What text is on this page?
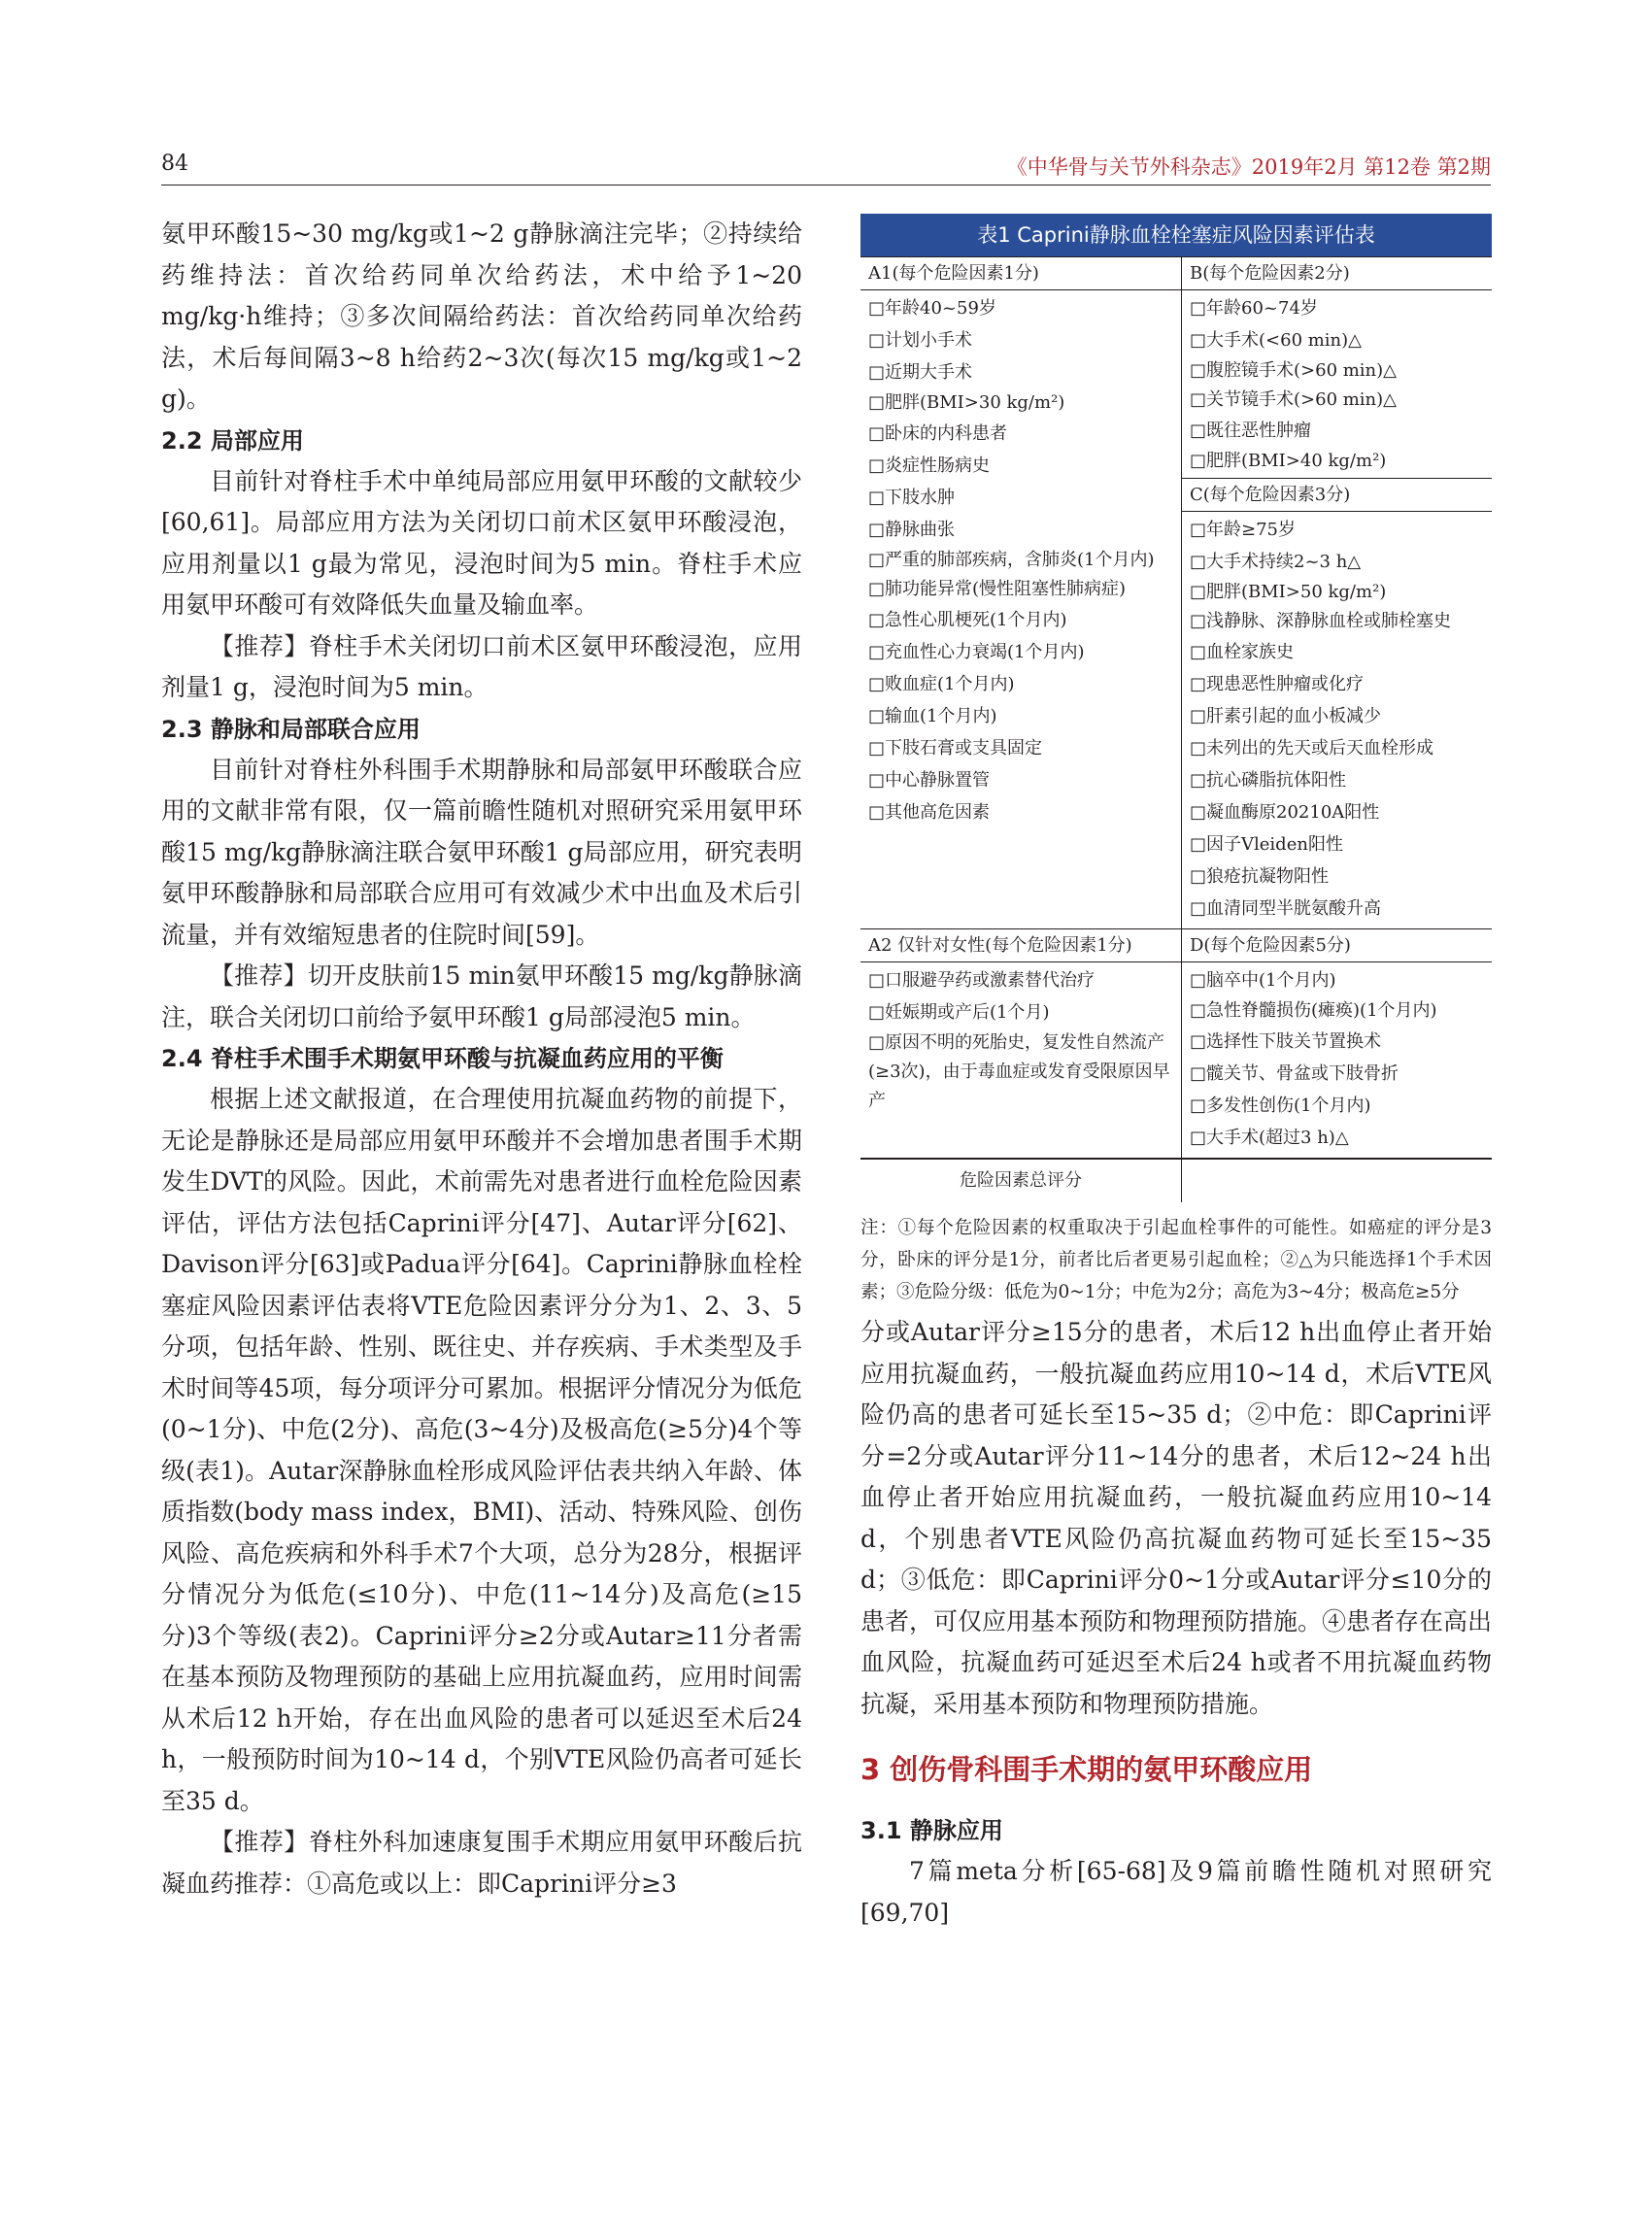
84	《中华骨与关节外科杂志》2019年2月 第12卷 第2期

氨甲环酸15~30 mg/kg或1~2 g静脉滴注完毕；②持续给药维持法：首次给药同单次给药法，术中给予1~20 mg/kg·h维持；③多次间隔给药法：首次给药同单次给药法，术后每间隔3~8 h给药2~3次(每次15 mg/kg或1~2 g)。

2.2 局部应用

目前针对脊柱手术中单纯局部应用氨甲环酸的文献较少[60,61]。局部应用方法为关闭切口前术区氨甲环酸浸泡，应用剂量以1 g最为常见，浸泡时间为5 min。脊柱手术应用氨甲环酸可有效降低失血量及输血率。

【推荐】脊柱手术关闭切口前术区氨甲环酸浸泡，应用剂量1 g，浸泡时间为5 min。

2.3 静脉和局部联合应用

目前针对脊柱外科围手术期静脉和局部氨甲环酸联合应用的文献非常有限，仅一篇前瞻性随机对照研究采用氨甲环酸15 mg/kg静脉滴注联合氨甲环酸1 g局部应用，研究表明氨甲环酸静脉和局部联合应用可有效减少术中出血及术后引流量，并有效缩短患者的住院时间[59]。

【推荐】切开皮肤前15 min氨甲环酸15 mg/kg静脉滴注，联合关闭切口前给予氨甲环酸1 g局部浸泡5 min。

2.4 脊柱手术围手术期氨甲环酸与抗凝血药应用的平衡

根据上述文献报道，在合理使用抗凝血药物的前提下，无论是静脉还是局部应用氨甲环酸并不会增加患者围手术期发生DVT的风险。因此，术前需先对患者进行血栓危险因素评估，评估方法包括Caprini评分[47]、Autar评分[62]、Davison评分[63]或Padua评分[64]。Caprini静脉血栓栓塞症风险因素评估表将VTE危险因素评分分为1、2、3、5分项，包括年龄、性别、既往史、并存疾病、手术类型及手术时间等45项，每分项评分可累加。根据评分情况分为低危(0~1分)、中危(2分)、高危(3~4分)及极高危(≥5分)4个等级(表1)。Autar深静脉血栓形成风险评估表共纳入年龄、体质指数(body mass index，BMI)、活动、特殊风险、创伤风险、高危疾病和外科手术7个大项，总分为28分，根据评分情况分为低危(≤10分)、中危(11~14分)及高危(≥15分)3个等级(表2)。Caprini评分≥2分或Autar≥11分者需在基本预防及物理预防的基础上应用抗凝血药，应用时间需从术后12 h开始，存在出血风险的患者可以延迟至术后24 h，一般预防时间为10~14 d，个别VTE风险仍高者可延长至35 d。

【推荐】脊柱外科加速康复围手术期应用氨甲环酸后抗凝血药推荐：①高危或以上：即Caprini评分≥3

表1 Caprini静脉血栓栓塞症风险因素评估表
A1(每个危险因素1分)
□年龄40~59岁
□计划小手术
□近期大手术
□肥胖(BMI>30 kg/m²)
□卧床的内科患者
□炎症性肠病史
□下肢水肿
□静脉曲张
□严重的肺部疾病，含肺炎(1个月内)
□肺功能异常(慢性阻塞性肺病症)
□急性心肌梗死(1个月内)
□充血性心力衰竭(1个月内)
□败血症(1个月内)
□输血(1个月内)
□下肢石膏或支具固定
□中心静脉置管
□其他高危因素
B(每个危险因素2分)
□年龄60~74岁
□大手术(<60 min)△
□腹腔镜手术(>60 min)△
□关节镜手术(>60 min)△
□既往恶性肿瘤
□肥胖(BMI>40 kg/m²)
C(每个危险因素3分)
□年龄≥75岁
□大手术持续2~3 h△
□肥胖(BMI>50 kg/m²)
□浅静脉、深静脉血栓或肺栓塞史
□血栓家族史
□现患恶性肿瘤或化疗
□肝素引起的血小板减少
□未列出的先天或后天血栓形成
□抗心磷脂抗体阳性
□凝血酶原20210A阳性
□因子Vleiden阳性
□狼疮抗凝物阳性
□血清同型半胱氨酸升高
A2 仅针对女性(每个危险因素1分)
□口服避孕药或激素替代治疗
□妊娠期或产后(1个月)
□原因不明的死胎史，复发性自然流产(≥3次)，由于毒血症或发育受限原因早产
D(每个危险因素5分)
□脑卒中(1个月内)
□急性脊髓损伤(瘫痪)(1个月内)
□选择性下肢关节置换术
□髋关节、骨盆或下肢骨折
□多发性创伤(1个月内)
□大手术(超过3 h)△
危险因素总评分
注：①每个危险因素的权重取决于引起血栓事件的可能性。如癌症的评分是3分，卧床的评分是1分，前者比后者更易引起血栓；②△为只能选择1个手术因素；③危险分级：低危为0~1分；中危为2分；高危为3~4分；极高危≥5分

分或Autar评分≥15分的患者，术后12 h出血停止者开始应用抗凝血药，一般抗凝血药应用10~14 d，术后VTE风险仍高的患者可延长至15~35 d；②中危：即Caprini评分=2分或Autar评分11~14分的患者，术后12~24 h出血停止者开始应用抗凝血药，一般抗凝血药应用10~14 d，个别患者VTE风险仍高抗凝血药物可延长至15~35 d；③低危：即Caprini评分0~1分或Autar评分≤10分的患者，可仅应用基本预防和物理预防措施。④患者存在高出血风险，抗凝血药可延迟至术后24 h或者不用抗凝血药物抗凝，采用基本预防和物理预防措施。

3 创伤骨科围手术期的氨甲环酸应用
3.1 静脉应用

7篇meta分析[65-68]及9篇前瞻性随机对照研究[69,70]
